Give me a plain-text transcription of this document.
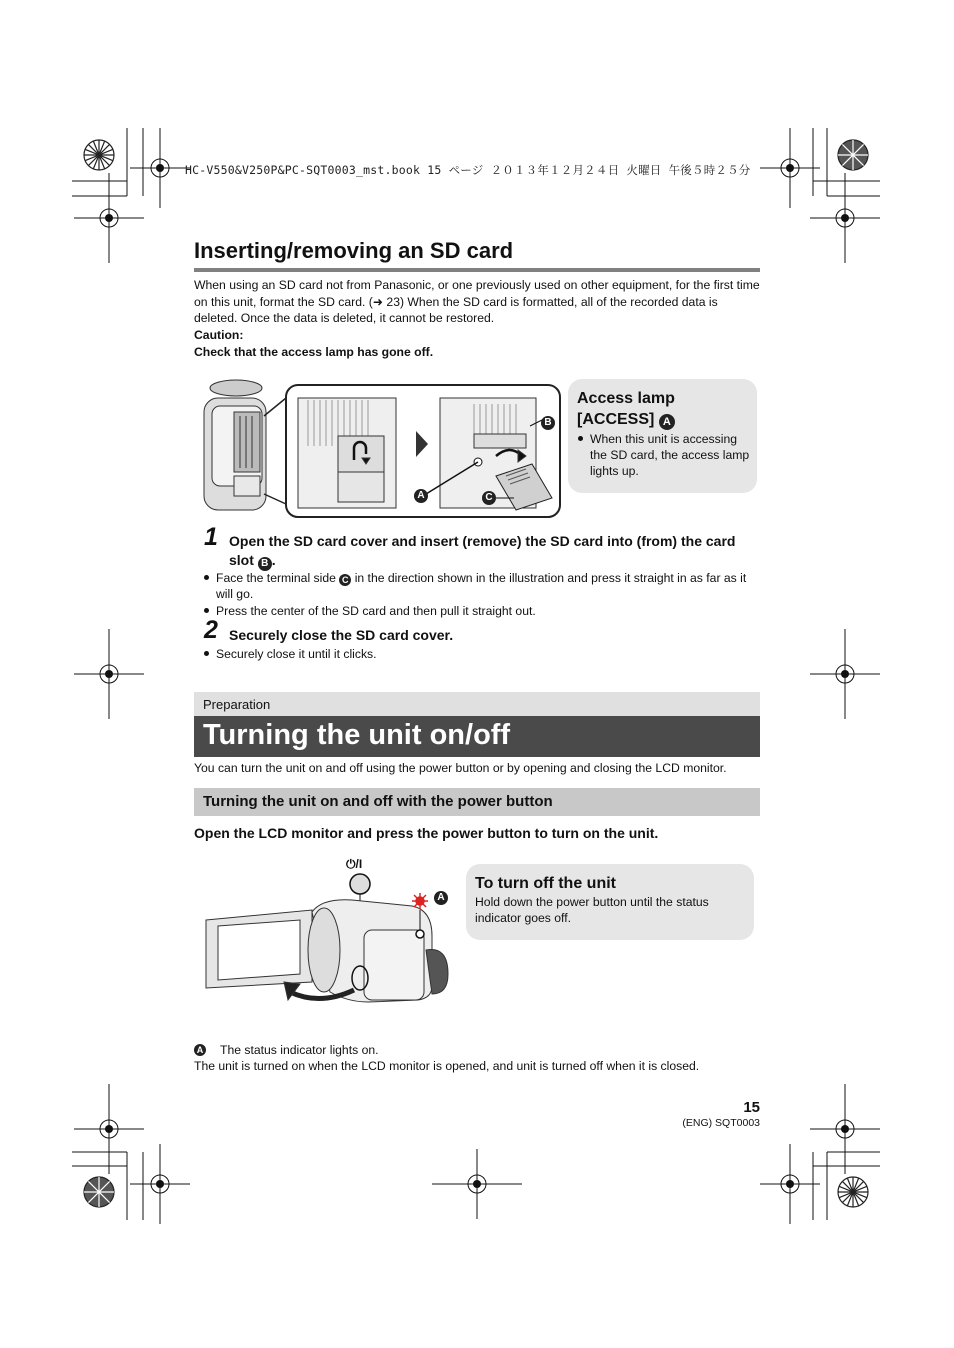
HC-V550&V250P&PC-SQT0003_mst.book 15 ページ ２０１３年１２月２４日 火曜日 午後５時２５分
Inserting/removing an SD card
When using an SD card not from Panasonic, or one previously used on other equipment, for the first time on this unit, format the SD card. (➜ 23) When the SD card is formatted, all of the recorded data is deleted. Once the data is deleted, it cannot be restored.
Caution:
Check that the access lamp has gone off.
A
B
C
Access lamp
[ACCESS] A
When this unit is accessing the SD card, the access lamp lights up.
1 Open the SD card cover and insert (remove) the SD card into (from) the card slot B .
Face the terminal side C in the direction shown in the illustration and press it straight in as far as it will go.
Press the center of the SD card and then pull it straight out.
2 Securely close the SD card cover.
Securely close it until it clicks.
Preparation
Turning the unit on/off
You can turn the unit on and off using the power button or by opening and closing the LCD monitor.
Turning the unit on and off with the power button
Open the LCD monitor and press the power button to turn on the unit.
⏻/I
A
To turn off the unit
Hold down the power button until the status indicator goes off.
A The status indicator lights on.
The unit is turned on when the LCD monitor is opened, and unit is turned off when it is closed.
15
(ENG) SQT0003
